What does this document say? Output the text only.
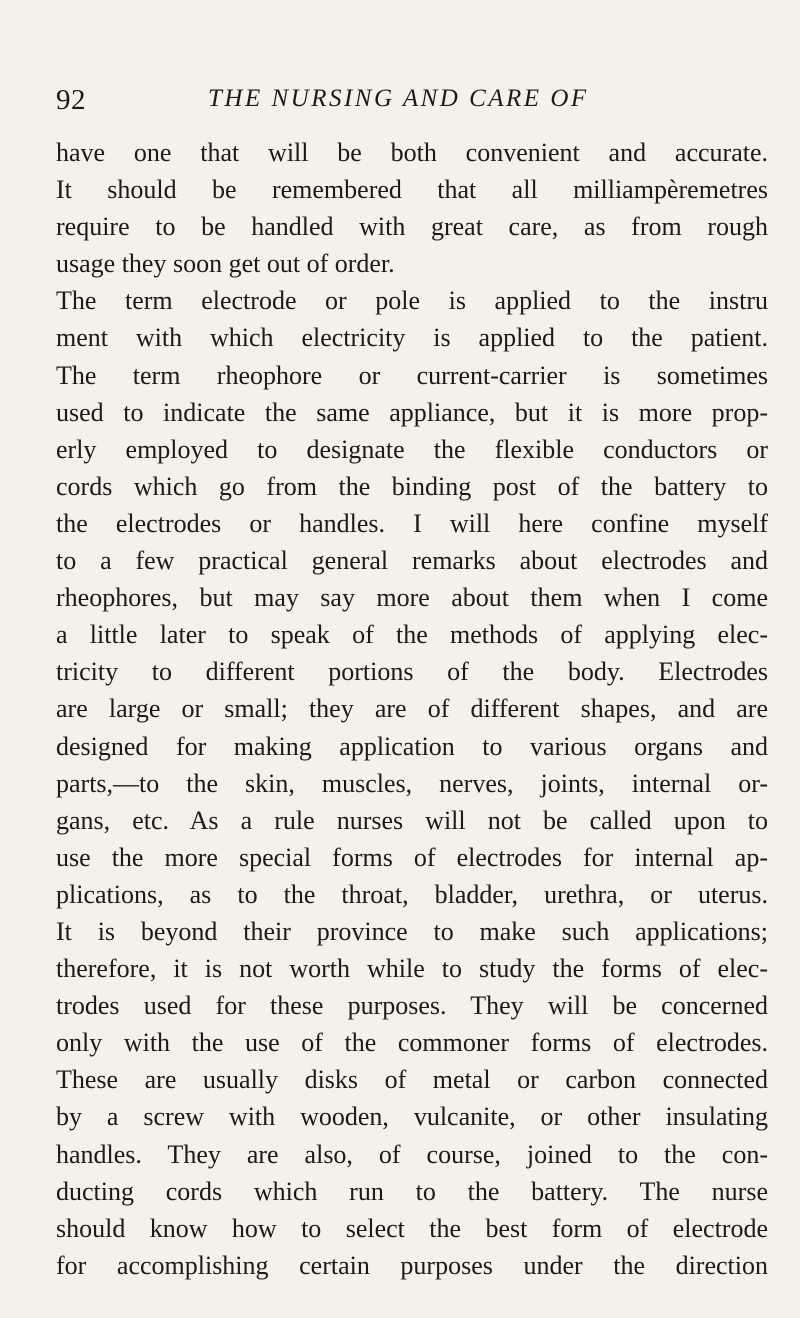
92	THE NURSING AND CARE OF
have one that will be both convenient and accurate.
It should be remembered that all milliampèremetres
require to be handled with great care, as from rough
usage they soon get out of order.
The term electrode or pole is applied to the instru
ment with which electricity is applied to the patient.
The term rheophore or current-carrier is sometimes
used to indicate the same appliance, but it is more prop-
erly employed to designate the flexible conductors or
cords which go from the binding post of the battery to
the electrodes or handles. I will here confine myself
to a few practical general remarks about electrodes and
rheophores, but may say more about them when I come
a little later to speak of the methods of applying elec-
tricity to different portions of the body. Electrodes
are large or small; they are of different shapes, and are
designed for making application to various organs and
parts,—to the skin, muscles, nerves, joints, internal or-
gans, etc. As a rule nurses will not be called upon to
use the more special forms of electrodes for internal ap-
plications, as to the throat, bladder, urethra, or uterus.
It is beyond their province to make such applications;
therefore, it is not worth while to study the forms of elec-
trodes used for these purposes. They will be concerned
only with the use of the commoner forms of electrodes.
These are usually disks of metal or carbon connected
by a screw with wooden, vulcanite, or other insulating
handles. They are also, of course, joined to the con-
ducting cords which run to the battery. The nurse
should know how to select the best form of electrode
for accomplishing certain purposes under the direction
